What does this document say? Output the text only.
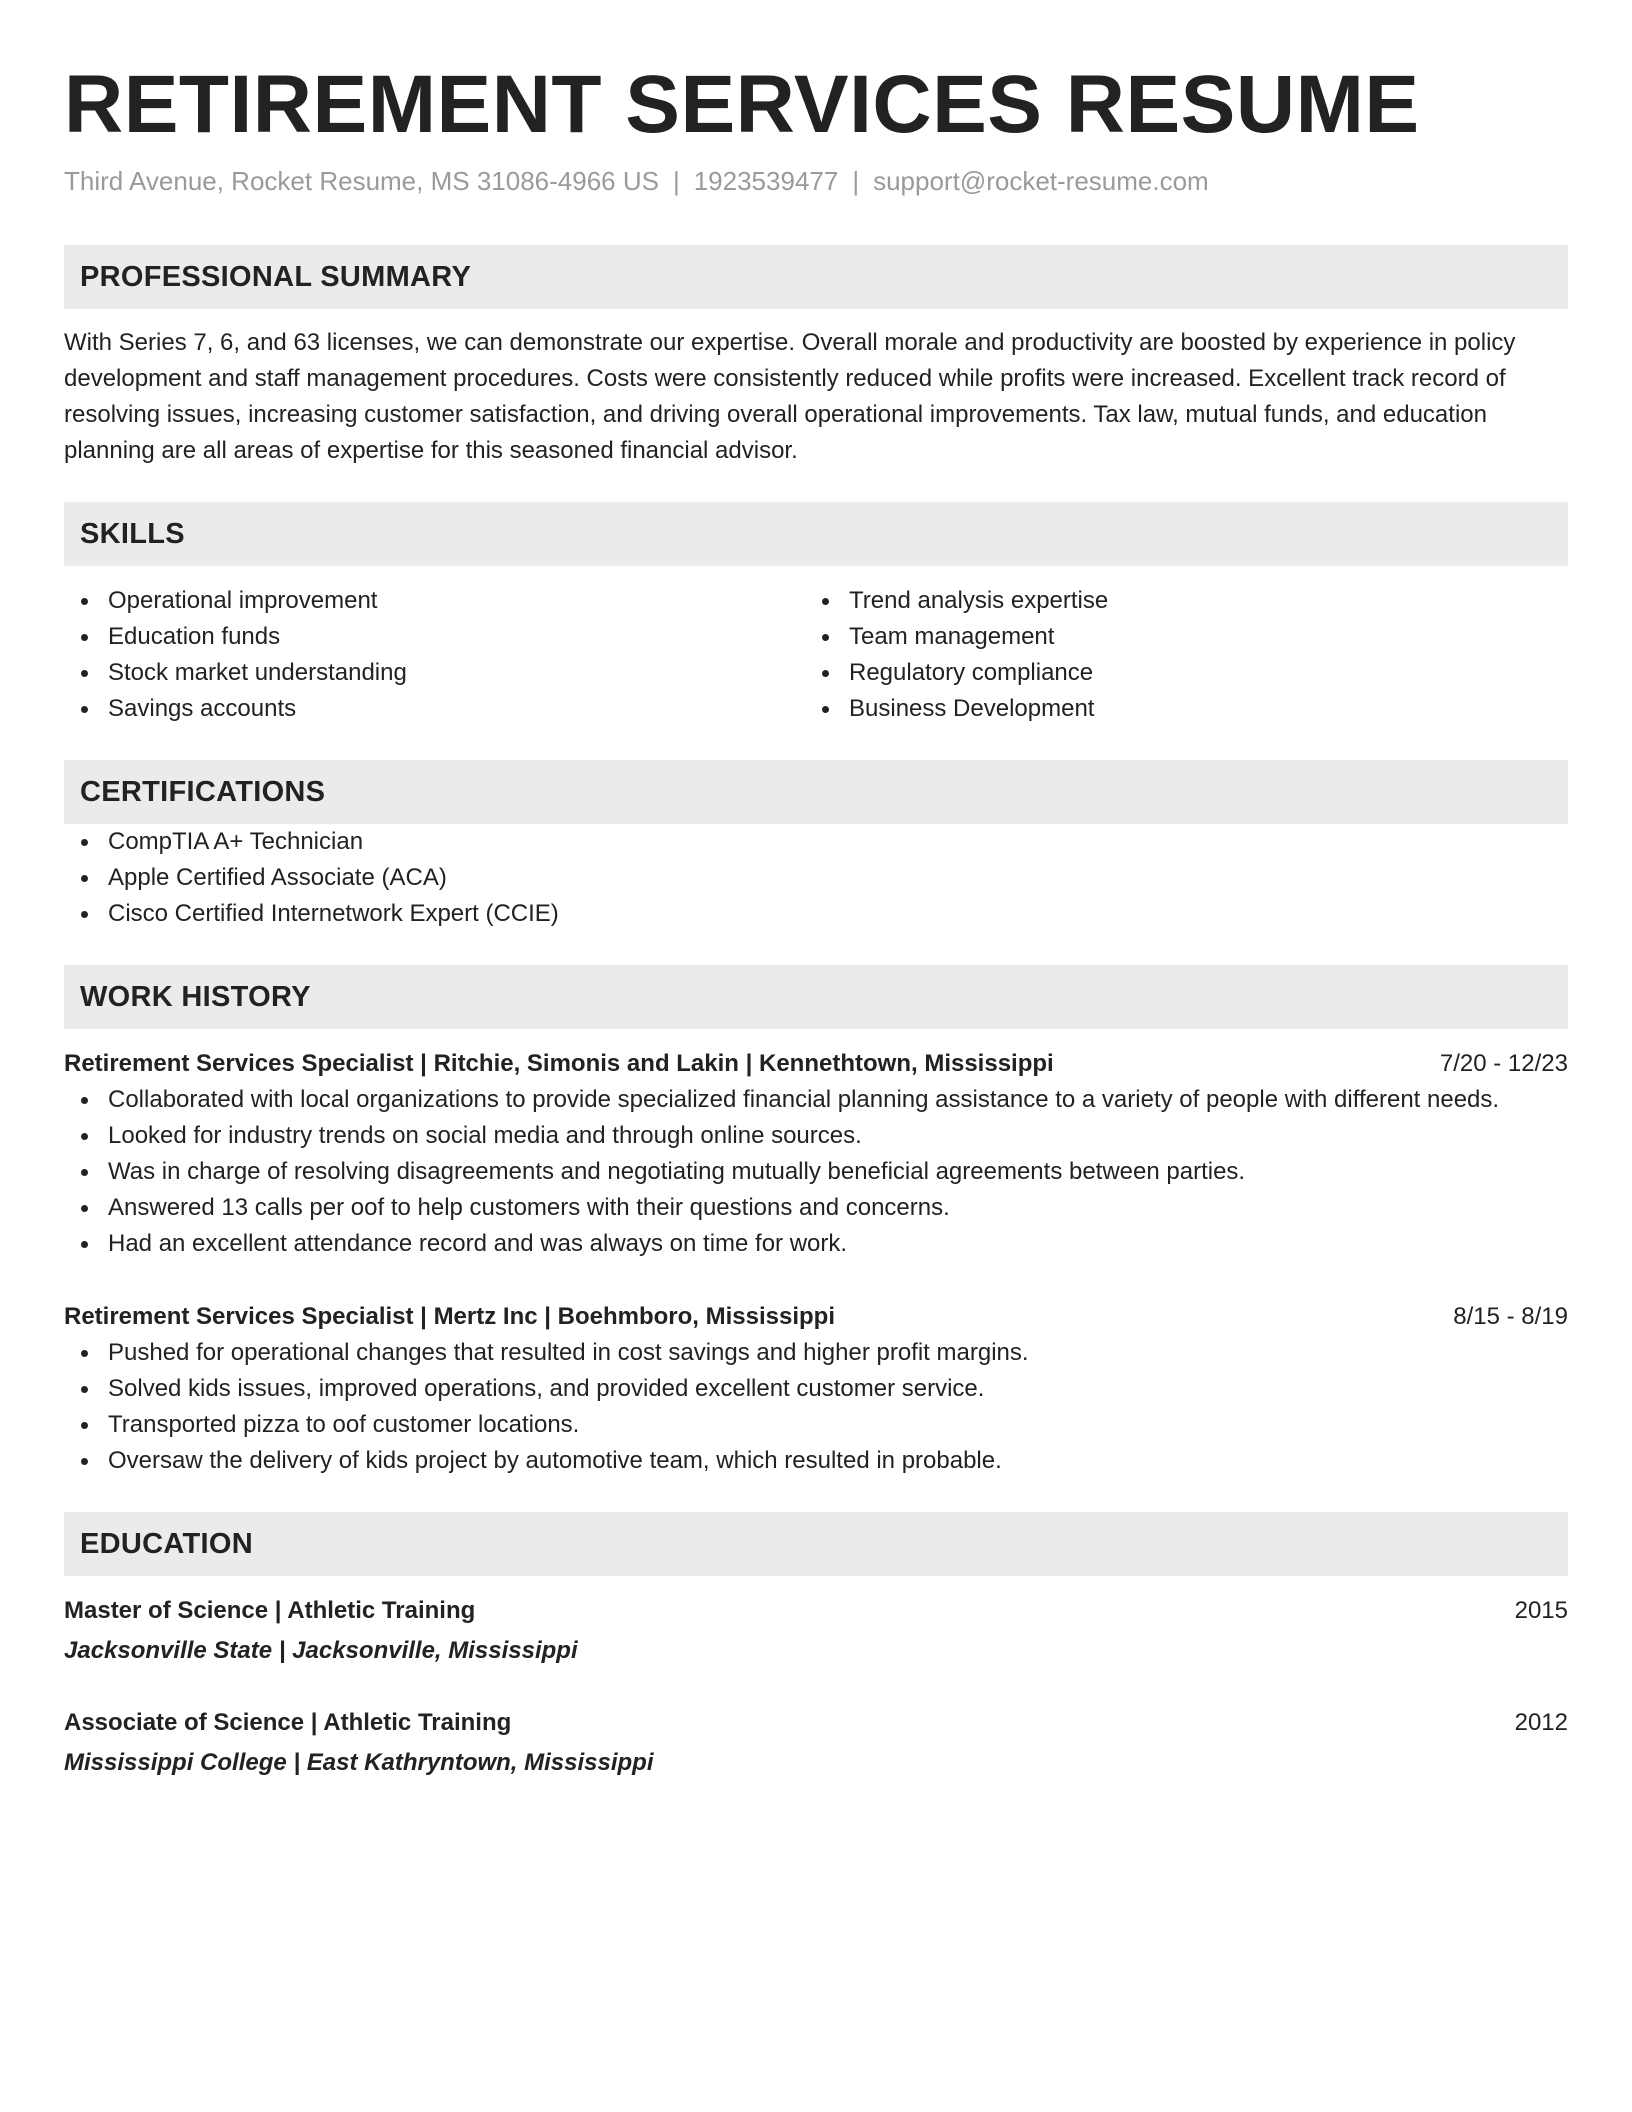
RETIREMENT SERVICES RESUME
Third Avenue, Rocket Resume, MS 31086-4966 US | 1923539477 | support@rocket-resume.com
PROFESSIONAL SUMMARY
With Series 7, 6, and 63 licenses, we can demonstrate our expertise. Overall morale and productivity are boosted by experience in policy development and staff management procedures. Costs were consistently reduced while profits were increased. Excellent track record of resolving issues, increasing customer satisfaction, and driving overall operational improvements. Tax law, mutual funds, and education planning are all areas of expertise for this seasoned financial advisor.
SKILLS
Operational improvement
Education funds
Stock market understanding
Savings accounts
Trend analysis expertise
Team management
Regulatory compliance
Business Development
CERTIFICATIONS
CompTIA A+ Technician
Apple Certified Associate (ACA)
Cisco Certified Internetwork Expert (CCIE)
WORK HISTORY
Retirement Services Specialist | Ritchie, Simonis and Lakin | Kennethtown, Mississippi	7/20 - 12/23
Collaborated with local organizations to provide specialized financial planning assistance to a variety of people with different needs.
Looked for industry trends on social media and through online sources.
Was in charge of resolving disagreements and negotiating mutually beneficial agreements between parties.
Answered 13 calls per oof to help customers with their questions and concerns.
Had an excellent attendance record and was always on time for work.
Retirement Services Specialist | Mertz Inc | Boehmboro, Mississippi	8/15 - 8/19
Pushed for operational changes that resulted in cost savings and higher profit margins.
Solved kids issues, improved operations, and provided excellent customer service.
Transported pizza to oof customer locations.
Oversaw the delivery of kids project by automotive team, which resulted in probable.
EDUCATION
Master of Science | Athletic Training	2015
Jacksonville State | Jacksonville, Mississippi
Associate of Science | Athletic Training	2012
Mississippi College | East Kathryntown, Mississippi
